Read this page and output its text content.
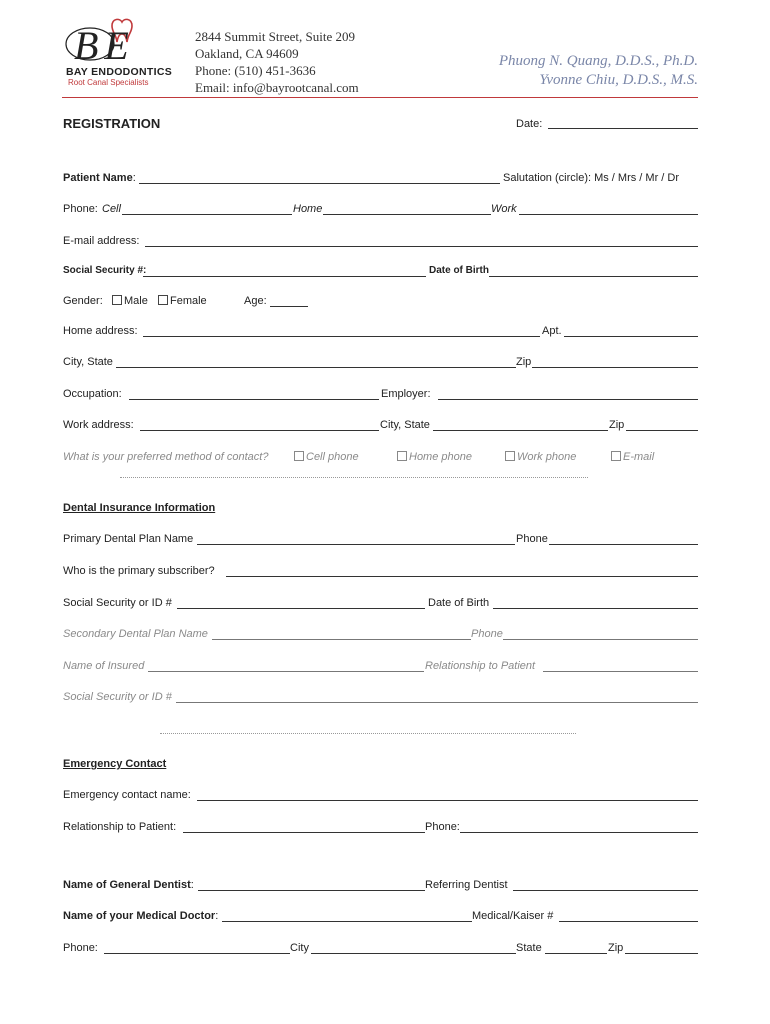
BE
BAY ENDODONTICS
Root Canal Specialists
2844 Summit Street, Suite 209
Oakland, CA 94609
Phone: (510) 451-3636
Email: info@bayrootcanal.com
Phuong N. Quang, D.D.S., Ph.D.
Yvonne Chiu, D.D.S., M.S.
REGISTRATION	Date:
Patient Name:	Salutation (circle): Ms / Mrs / Mr / Dr
Phone: Cell	Home	Work
E-mail address:
Social Security #:	Date of Birth
Gender:	Male	Female	Age:
Home address:	Apt.
City, State	Zip
Occupation:	Employer:
Work address:	City, State	Zip
What is your preferred method of contact?	Cell phone	Home phone	Work phone	E-mail
Dental Insurance Information
Primary Dental Plan Name	Phone
Who is the primary subscriber?
Social Security or ID #	Date of Birth
Secondary Dental Plan Name	Phone
Name of Insured	Relationship to Patient
Social Security or ID #
Emergency Contact
Emergency contact name:
Relationship to Patient:	Phone:
Name of General Dentist:	Referring Dentist
Name of your Medical Doctor:	Medical/Kaiser #
Phone:	City	State	Zip
